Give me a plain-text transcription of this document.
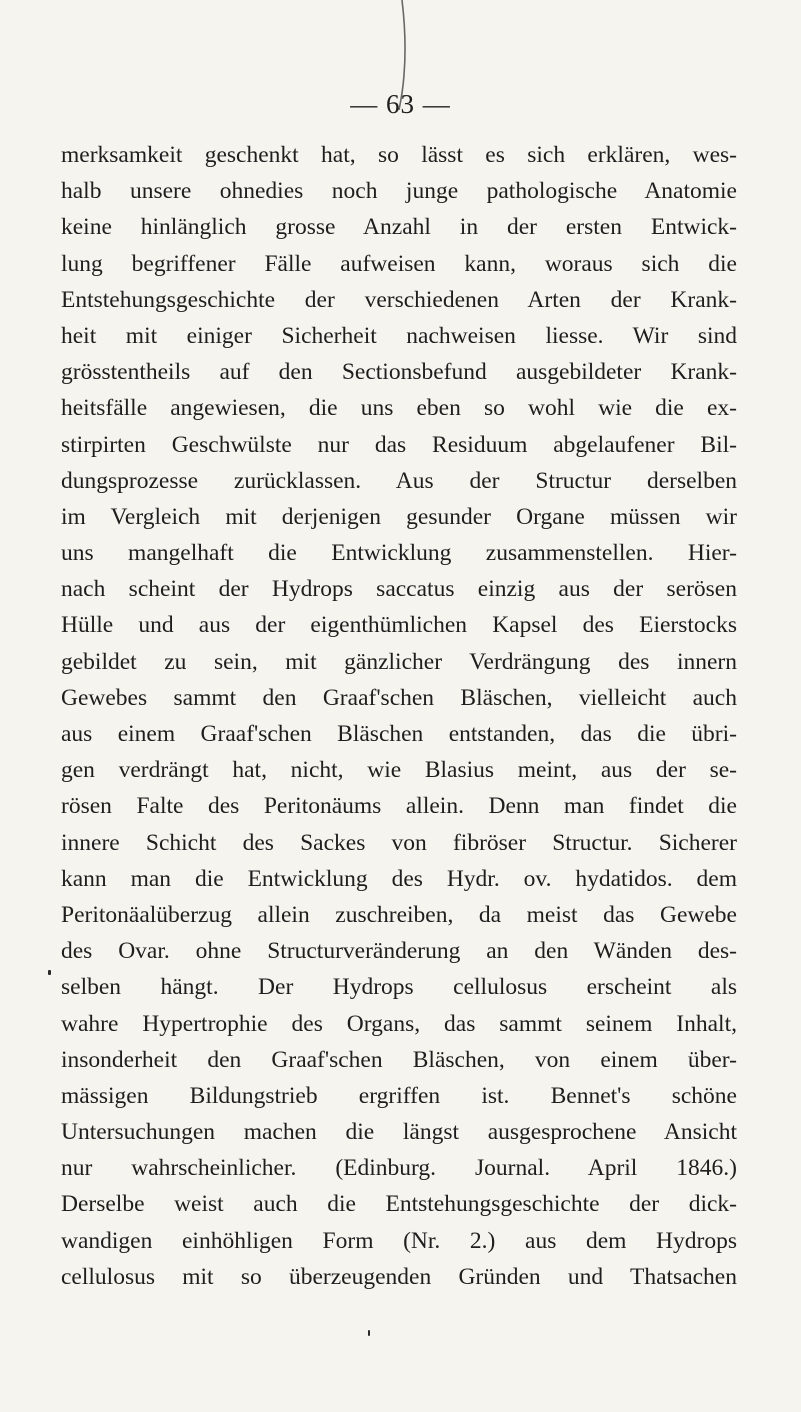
— 63 —
merksamkeit geschenkt hat, so lässt es sich erklären, wes-
halb unsere ohnedies noch junge pathologische Anatomie
keine hinlänglich grosse Anzahl in der ersten Entwick-
lung begriffener Fälle aufweisen kann, woraus sich die
Entstehungsgeschichte der verschiedenen Arten der Krank-
heit mit einiger Sicherheit nachweisen liesse. Wir sind
grösstentheils auf den Sectionsbefund ausgebildeter Krank-
heitsfälle angewiesen, die uns eben so wohl wie die ex-
stirpirten Geschwülste nur das Residuum abgelaufener Bil-
dungsprozesse zurücklassen. Aus der Structur derselben
im Vergleich mit derjenigen gesunder Organe müssen wir
uns mangelhaft die Entwicklung zusammenstellen. Hier-
nach scheint der Hydrops saccatus einzig aus der serösen
Hülle und aus der eigenthümlichen Kapsel des Eierstocks
gebildet zu sein, mit gänzlicher Verdrängung des innern
Gewebes sammt den Graaf'schen Bläschen, vielleicht auch
aus einem Graaf'schen Bläschen entstanden, das die übri-
gen verdrängt hat, nicht, wie Blasius meint, aus der se-
rösen Falte des Peritonäums allein. Denn man findet die
innere Schicht des Sackes von fibröser Structur. Sicherer
kann man die Entwicklung des Hydr. ov. hydatidos. dem
Peritonäalüberzug allein zuschreiben, da meist das Gewebe
des Ovar. ohne Structurveränderung an den Wänden des-
selben hängt. Der Hydrops cellulosus erscheint als
wahre Hypertrophie des Organs, das sammt seinem Inhalt,
insonderheit den Graaf'schen Bläschen, von einem über-
mässigen Bildungstrieb ergriffen ist. Bennet's schöne
Untersuchungen machen die längst ausgesprochene Ansicht
nur wahrscheinlicher. (Edinburg. Journal. April 1846.)
Derselbe weist auch die Entstehungsgeschichte der dick-
wandigen einhöhligen Form (Nr. 2.) aus dem Hydrops
cellulosus mit so überzeugenden Gründen und Thatsachen
